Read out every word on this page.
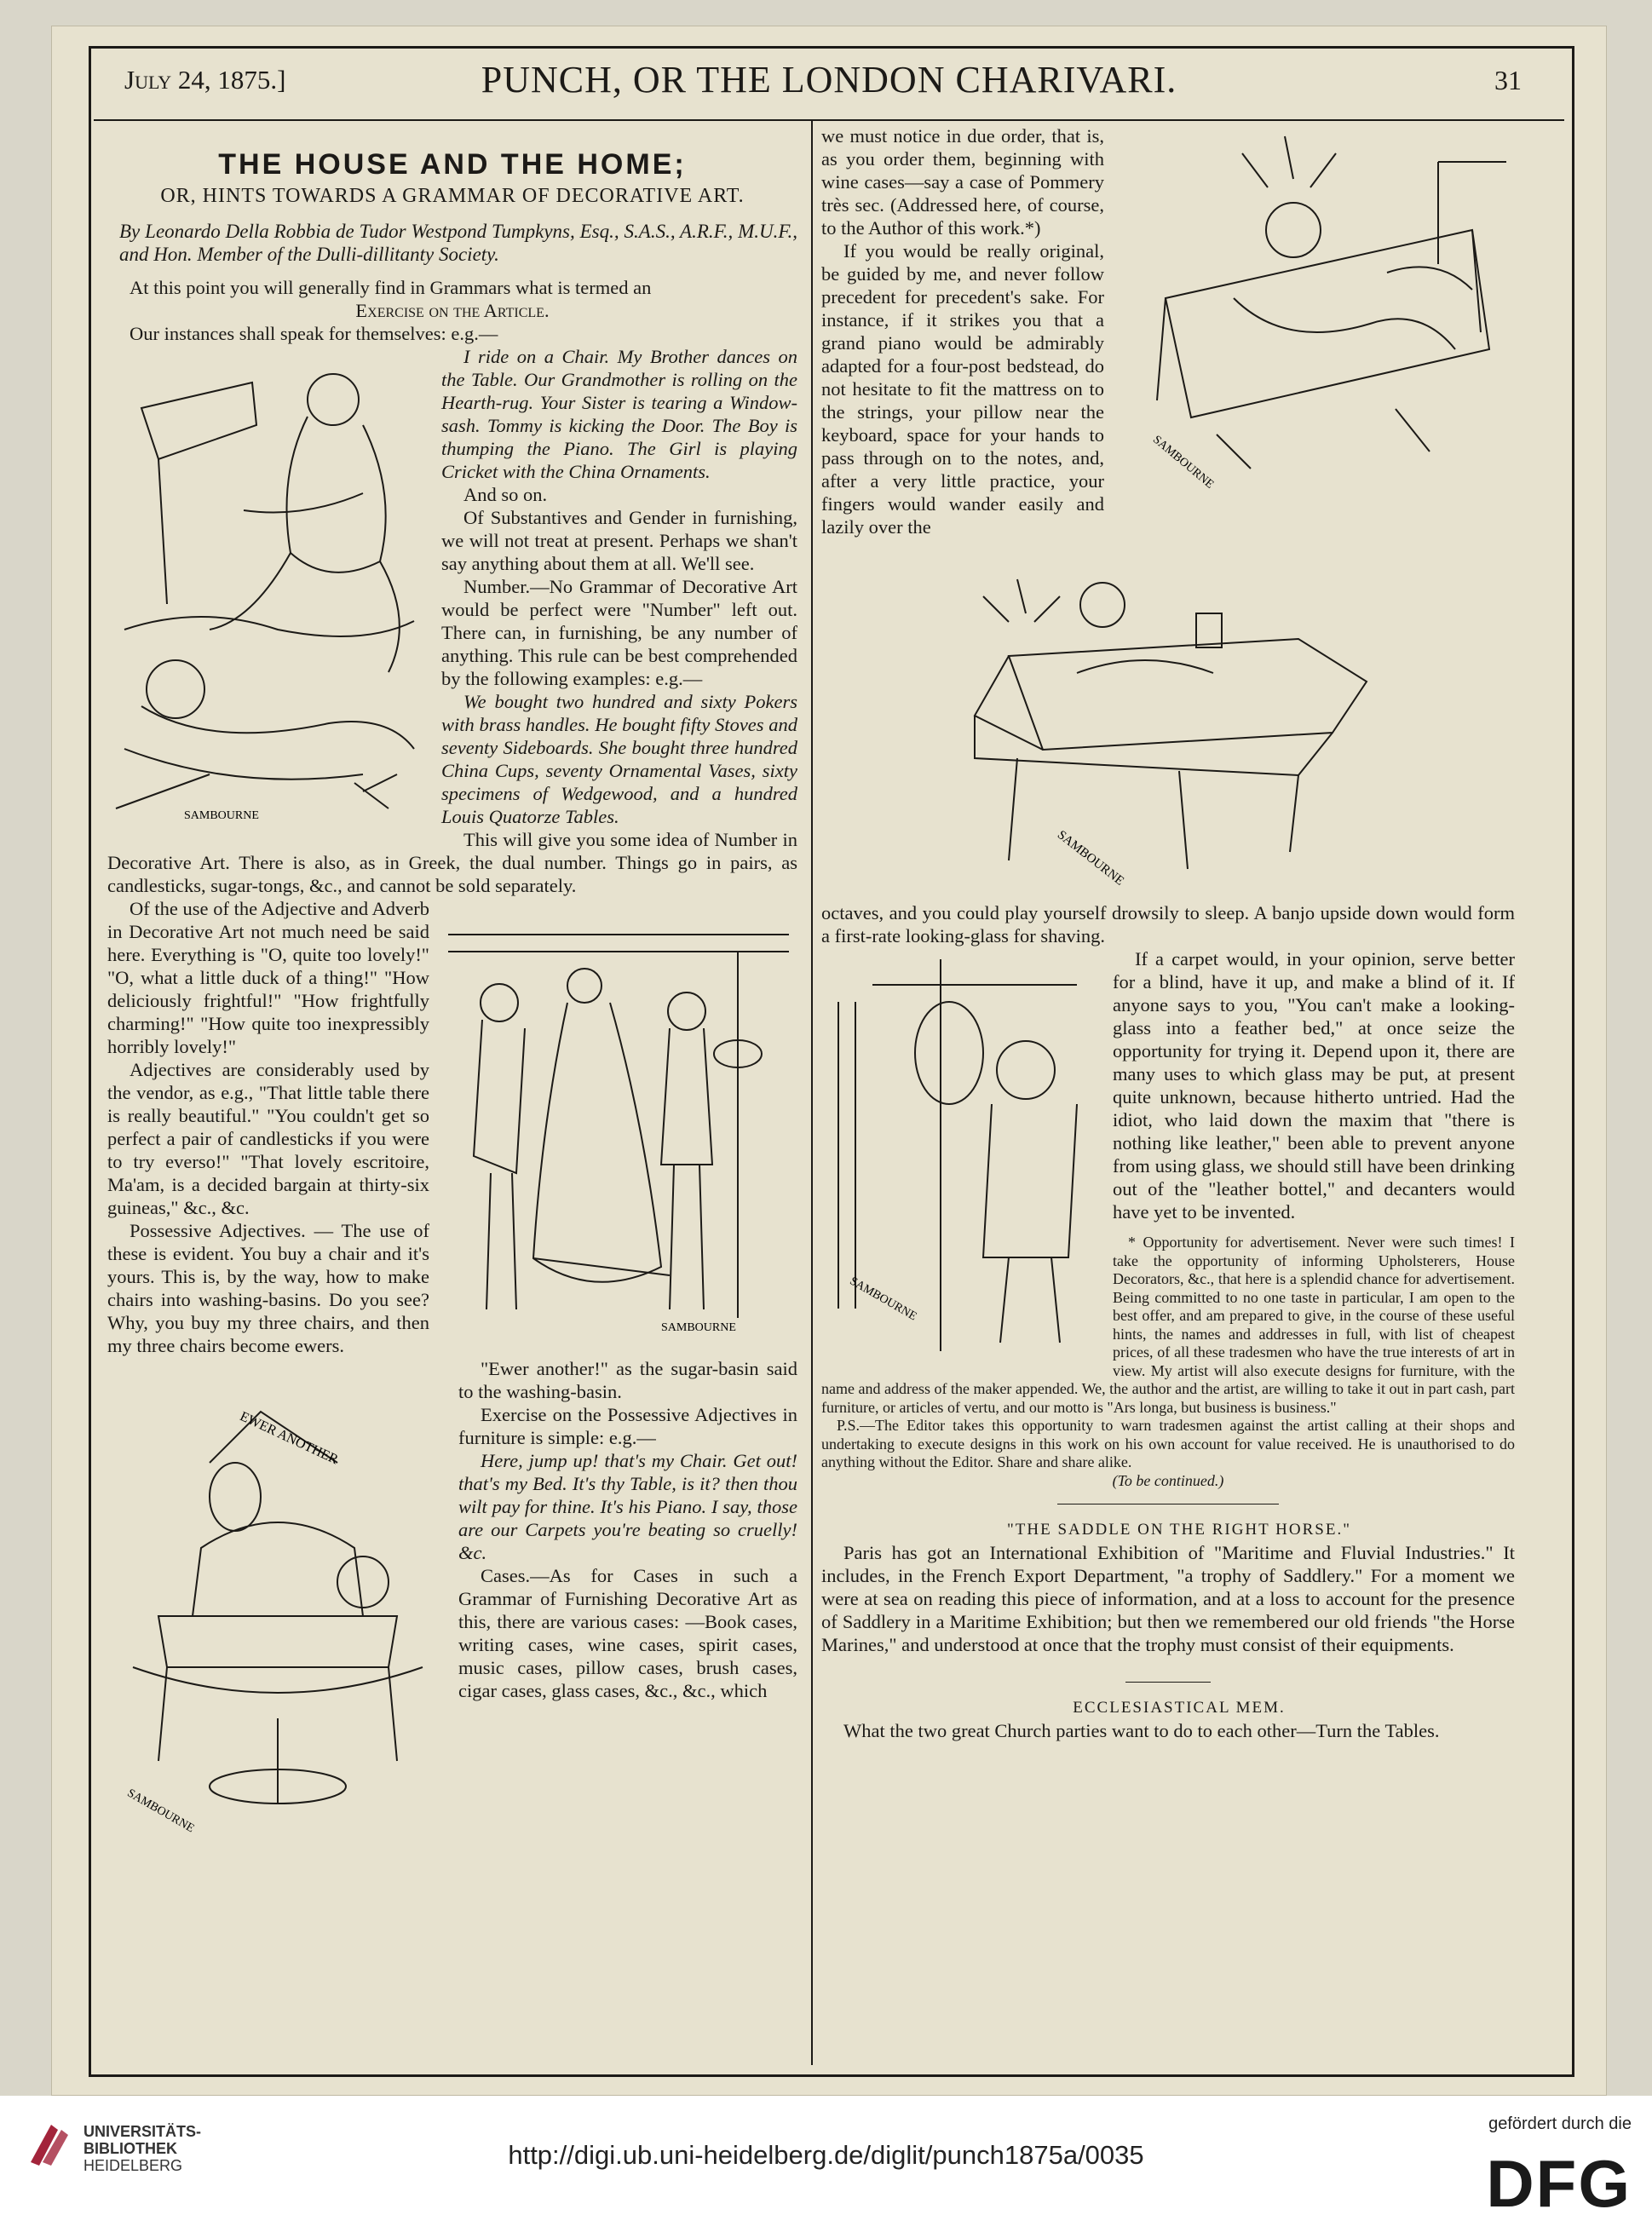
July 24, 1875.]	PUNCH, OR THE LONDON CHARIVARI.	31
THE HOUSE AND THE HOME;
OR, HINTS TOWARDS A GRAMMAR OF DECORATIVE ART.

By Leonardo Della Robbia de Tudor Westpond Tumpkyns, Esq., S.A.S., A.R.F., M.U.F., and Hon. Member of the Dulli-dillitanty Society.

At this point you will generally find in Grammars what is termed an

Exercise on the Article.

Our instances shall speak for themselves: e.g.—

SAMBOURNE

I ride on a Chair. My Brother dances on the Table. Our Grandmother is rolling on the Hearth-rug. Your Sister is tearing a Window-sash. Tommy is kicking the Door. The Boy is thumping the Piano. The Girl is playing Cricket with the China Ornaments.

And so on.

Of Substantives and Gender in furnishing, we will not treat at present. Perhaps we shan't say anything about them at all. We'll see.

Number.—No Grammar of Decorative Art would be perfect were "Number" left out. There can, in furnishing, be any number of anything. This rule can be best comprehended by the following examples: e.g.—

We bought two hundred and sixty Pokers with brass handles. He bought fifty Stoves and seventy Sideboards. She bought three hundred China Cups, seventy Ornamental Vases, sixty specimens of Wedgewood, and a hundred Louis Quatorze Tables.

This will give you some idea of Number in Decorative Art. There is also, as in Greek, the dual number. Things go in pairs, as candlesticks, sugar-tongs, &c., and cannot be sold separately.

SAMBOURNE

Of the use of the Adjective and Adverb in Decorative Art not much need be said here. Everything is "O, quite too lovely!" "O, what a little duck of a thing!" "How deliciously frightful!" "How frightfully charming!" "How quite too inexpressibly horribly lovely!"

Adjectives are considerably used by the vendor, as e.g., "That little table there is really beautiful." "You couldn't get so perfect a pair of candlesticks if you were to try everso!" "That lovely escritoire, Ma'am, is a decided bargain at thirty-six guineas," &c., &c.

Possessive Adjectives. — The use of these is evident. You buy a chair and it's yours. This is, by the way, how to make chairs into washing-basins. Do you see? Why, you buy my three chairs, and then my three chairs become ewers.

EWER ANOTHER
SAMBOURNE

"Ewer another!" as the sugar-basin said to the washing-basin.

Exercise on the Possessive Adjectives in furniture is simple: e.g.—

Here, jump up! that's my Chair. Get out! that's my Bed. It's thy Table, is it? then thou wilt pay for thine. It's his Piano. I say, those are our Carpets you're beating so cruelly! &c.

Cases.—As for Cases in such a Grammar of Furnishing Decorative Art as this, there are various cases: —Book cases, writing cases, wine cases, spirit cases, music cases, pillow cases, brush cases, cigar cases, glass cases, &c., &c., which

SAMBOURNE

we must notice in due order, that is, as you order them, beginning with wine cases—say a case of Pommery très sec. (Addressed here, of course, to the Author of this work.*)

If you would be really original, be guided by me, and never follow precedent for precedent's sake. For instance, if it strikes you that a grand piano would be admirably adapted for a four-post bedstead, do not hesitate to fit the mattress on to the strings, your pillow near the keyboard, space for your hands to pass through on to the notes, and, after a very little practice, your fingers would wander easily and lazily over the

SAMBOURNE

octaves, and you could play yourself drowsily to sleep. A banjo upside down would form a first-rate looking-glass for shaving.

SAMBOURNE

If a carpet would, in your opinion, serve better for a blind, have it up, and make a blind of it. If anyone says to you, "You can't make a looking-glass into a feather bed," at once seize the opportunity for trying it. Depend upon it, there are many uses to which glass may be put, at present quite unknown, because hitherto untried. Had the idiot, who laid down the maxim that "there is nothing like leather," been able to prevent anyone from using glass, we should still have been drinking out of the "leather bottel," and decanters would have yet to be invented.

* Opportunity for advertisement. Never were such times! I take the opportunity of informing Upholsterers, House Decorators, &c., that here is a splendid chance for advertisement. Being committed to no one taste in particular, I am open to the best offer, and am prepared to give, in the course of these useful hints, the names and addresses in full, with list of cheapest prices, of all these tradesmen who have the true interests of art in view. My artist will also execute designs for furniture, with the name and address of the maker appended. We, the author and the artist, are willing to take it out in part cash, part furniture, or articles of vertu, and our motto is "Ars longa, but business is business."

P.S.—The Editor takes this opportunity to warn tradesmen against the artist calling at their shops and undertaking to execute designs in this work on his own account for value received. He is unauthorised to do anything without the Editor. Share and share alike.

(To be continued.)

"THE SADDLE ON THE RIGHT HORSE."

Paris has got an International Exhibition of "Maritime and Fluvial Industries." It includes, in the French Export Department, "a trophy of Saddlery." For a moment we were at sea on reading this piece of information, and at a loss to account for the presence of Saddlery in a Maritime Exhibition; but then we remembered our old friends "the Horse Marines," and understood at once that the trophy must consist of their equipments.

ECCLESIASTICAL MEM.

What the two great Church parties want to do to each other—Turn the Tables.

UNIVERSITÄTS-
BIBLIOTHEK
HEIDELBERG	http://digi.ub.uni-heidelberg.de/diglit/punch1875a/0035
gefördert durch die
DFG
